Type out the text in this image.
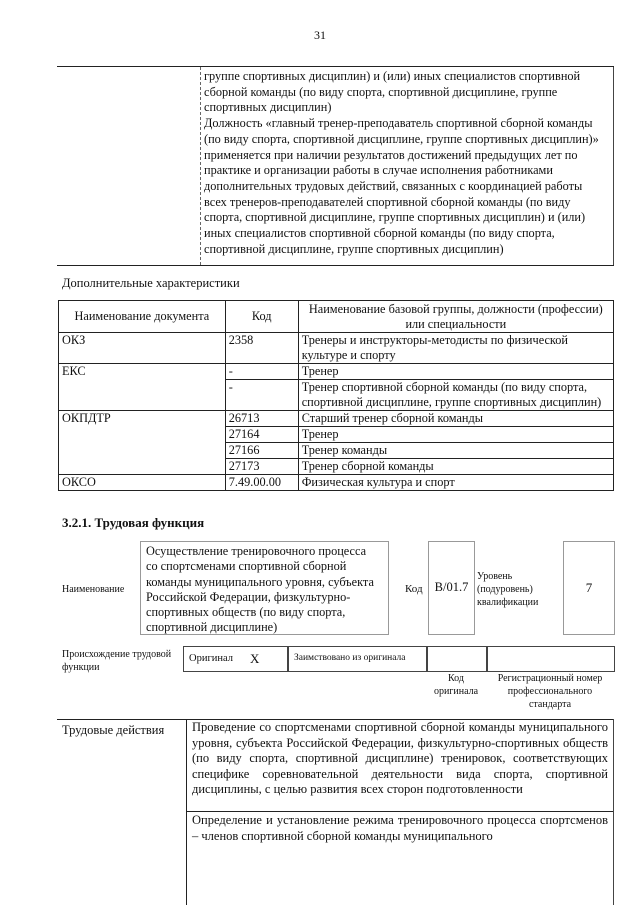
31

группе спортивных дисциплин) и (или) иных специалистов спортивной сборной команды (по виду спорта, спортивной дисциплине, группе спортивных дисциплин)

Должность «главный тренер-преподаватель спортивной сборной команды (по виду спорта, спортивной дисциплине, группе спортивных дисциплин)» применяется при наличии результатов достижений предыдущих лет по практике и организации работы в случае исполнения работниками дополнительных трудовых действий, связанных с координацией работы всех тренеров-преподавателей спортивной сборной команды (по виду спорта, спортивной дисциплине, группе спортивных дисциплин) и (или) иных специалистов спортивной сборной команды (по виду спорта, спортивной дисциплине, группе спортивных дисциплин)

Дополнительные характеристики
Наименование документа	Код	Наименование базовой группы, должности (профессии) или специальности
ОКЗ	2358	Тренеры и инструкторы-методисты по физической культуре и спорту
ЕКС	-	Тренер
	-	Тренер спортивной сборной команды (по виду спорта, спортивной дисциплине, группе спортивных дисциплин)
ОКПДТР	26713	Старший тренер сборной команды
	27164	Тренер
	27166	Тренер команды
	27173	Тренер сборной команды
ОКСО	7.49.00.00	Физическая культура и спорт
3.2.1. Трудовая функция
Наименование
Осуществление тренировочного процесса со спортсменами спортивной сборной команды муниципального уровня, субъекта Российской Федерации, физкультурно-спортивных обществ (по виду спорта, спортивной дисциплине)
Код B/01.7
Уровень (подуровень) квалификации
7
Происхождение трудовой функции
Оригинал X	Заимствовано из оригинала
Код оригинала
Регистрационный номер профессионального стандарта
Трудовые действия Проведение со спортсменами спортивной сборной команды муниципального уровня, субъекта Российской Федерации, физкультурно-спортивных обществ (по виду спорта, спортивной дисциплине) тренировок, соответствующих специфике соревновательной деятельности вида спорта, спортивной дисциплины, с целью развития всех сторон подготовленности
Определение и установление режима тренировочного процесса спортсменов – членов спортивной сборной команды муниципального
